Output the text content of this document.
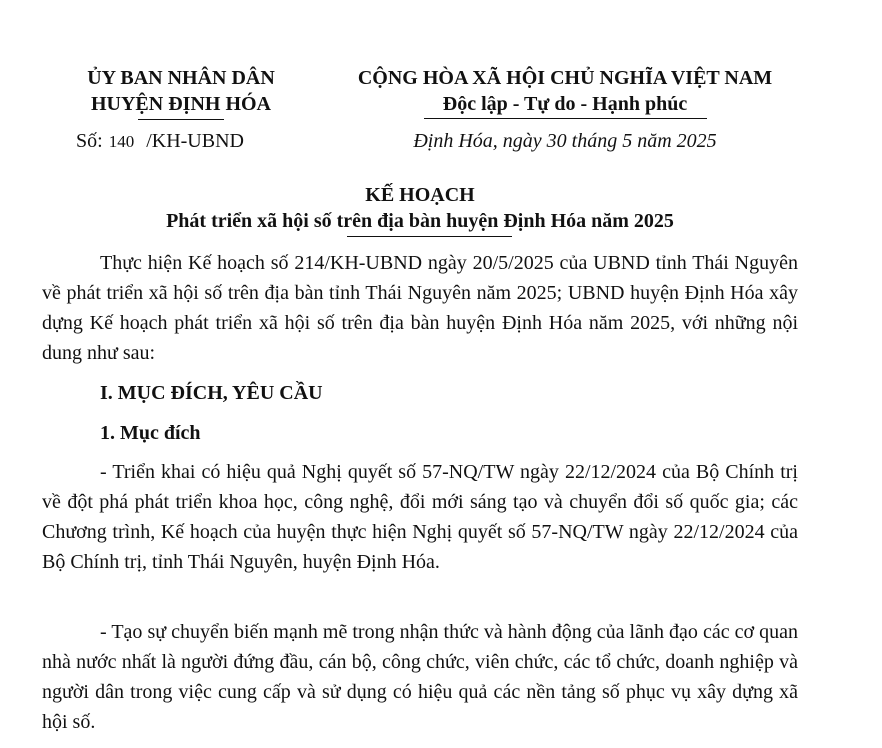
ỦY BAN NHÂN DÂN
HUYỆN ĐỊNH HÓA
Số: 140 /KH-UBND
CỘNG HÒA XÃ HỘI CHỦ NGHĨA VIỆT NAM
Độc lập - Tự do - Hạnh phúc
Định Hóa, ngày 30 tháng 5 năm 2025
KẾ HOẠCH
Phát triển xã hội số trên địa bàn huyện Định Hóa năm 2025
Thực hiện Kế hoạch số 214/KH-UBND ngày 20/5/2025 của UBND tỉnh Thái Nguyên về phát triển xã hội số trên địa bàn tỉnh Thái Nguyên năm 2025; UBND huyện Định Hóa xây dựng Kế hoạch phát triển xã hội số trên địa bàn huyện Định Hóa năm 2025, với những nội dung như sau:
I. MỤC ĐÍCH, YÊU CẦU
1. Mục đích
- Triển khai có hiệu quả Nghị quyết số 57-NQ/TW ngày 22/12/2024 của Bộ Chính trị về đột phá phát triển khoa học, công nghệ, đổi mới sáng tạo và chuyển đổi số quốc gia; các Chương trình, Kế hoạch của huyện thực hiện Nghị quyết số 57-NQ/TW ngày 22/12/2024 của Bộ Chính trị, tỉnh Thái Nguyên, huyện Định Hóa.
- Tạo sự chuyển biến mạnh mẽ trong nhận thức và hành động của lãnh đạo các cơ quan nhà nước nhất là người đứng đầu, cán bộ, công chức, viên chức, các tổ chức, doanh nghiệp và người dân trong việc cung cấp và sử dụng có hiệu quả các nền tảng số phục vụ xây dựng xã hội số.
